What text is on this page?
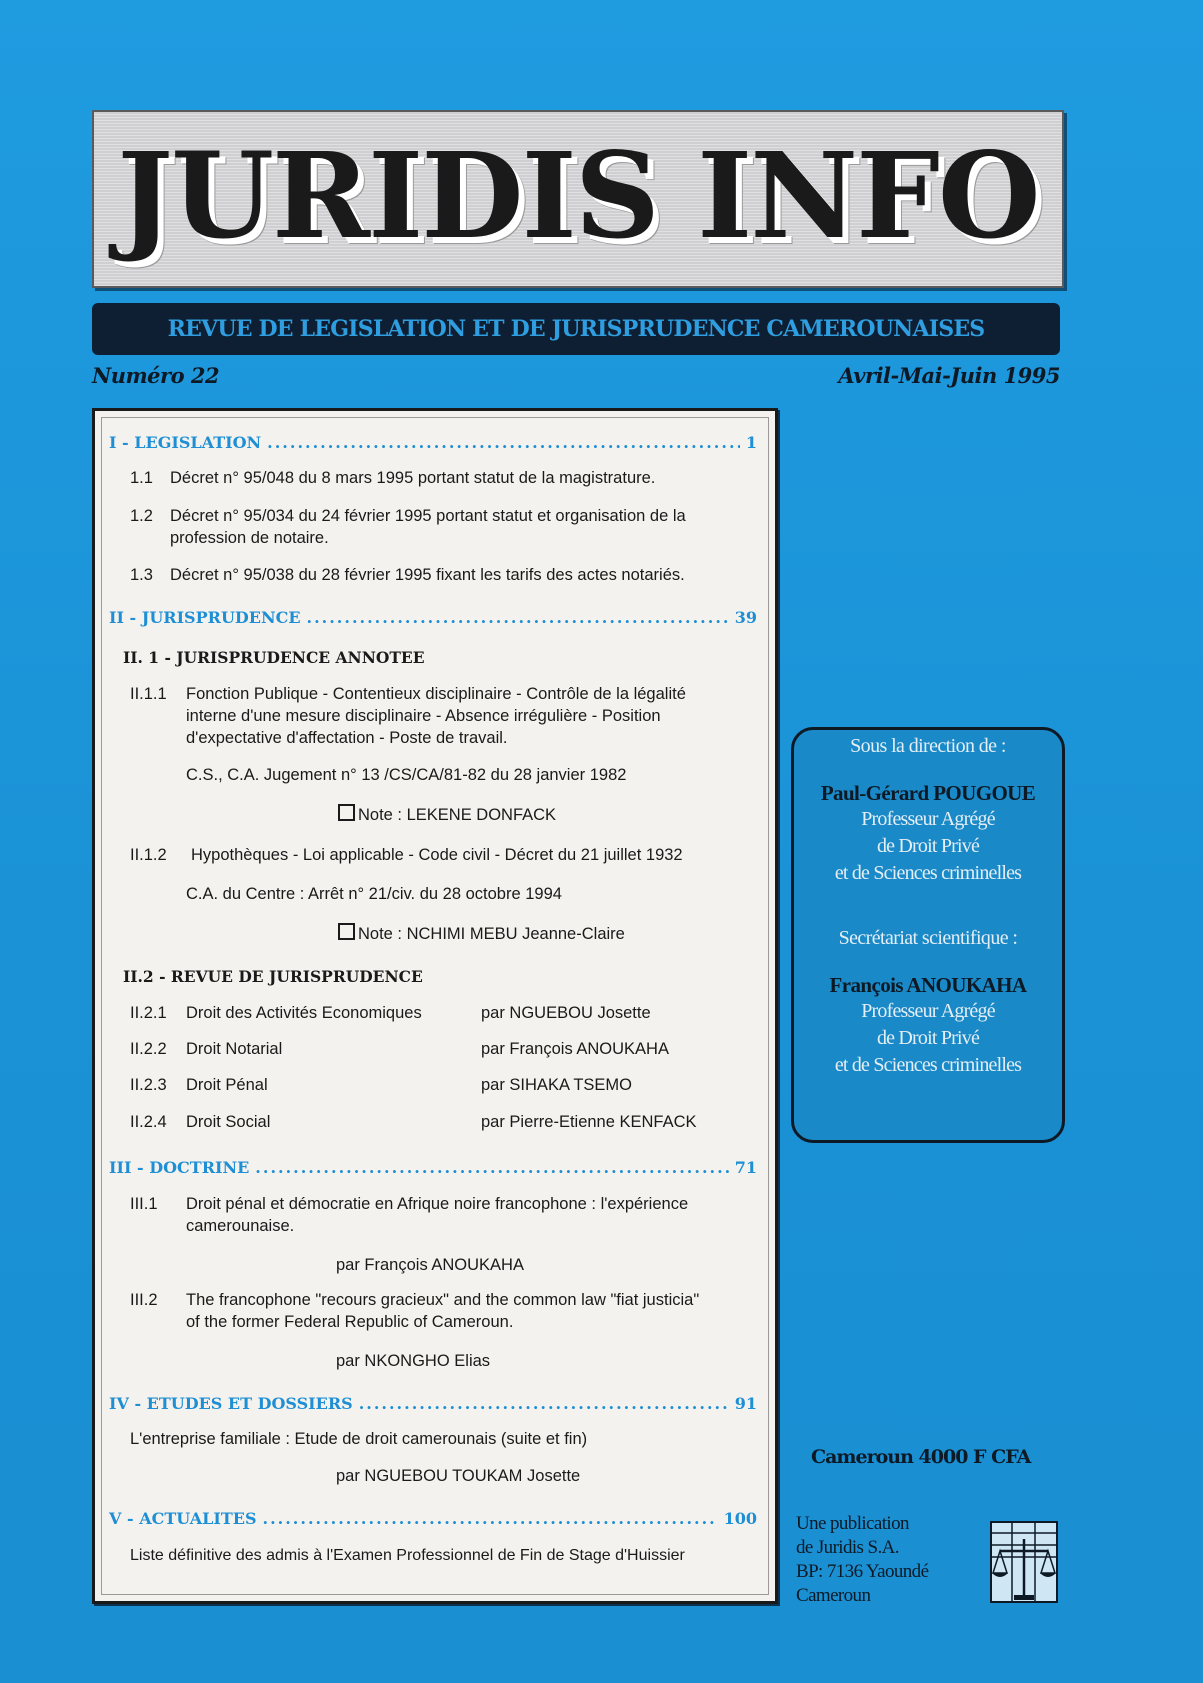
JURIDIS INFO
REVUE DE LEGISLATION ET DE JURISPRUDENCE CAMEROUNAISES
Numéro 22	Avril-Mai-Juin 1995
I - LEGISLATION .....	1
1.1 Décret n° 95/048 du 8 mars 1995 portant statut de la magistrature.
1.2 Décret n° 95/034 du 24 février 1995 portant statut et organisation de la
profession de notaire.
1.3 Décret n° 95/038 du 28 février 1995 fixant les tarifs des actes notariés.
II - JURISPRUDENCE .....	39
II. 1 - JURISPRUDENCE ANNOTEE
II.1.1 Fonction Publique - Contentieux disciplinaire - Contrôle de la légalité
interne d'une mesure disciplinaire - Absence irrégulière - Position
d'expectative d'affectation - Poste de travail.
C.S., C.A. Jugement n° 13 /CS/CA/81-82 du 28 janvier 1982
Note : LEKENE DONFACK
II.1.2 Hypothèques - Loi applicable - Code civil - Décret du 21 juillet 1932
C.A. du Centre : Arrêt n° 21/civ. du 28 octobre 1994
Note : NCHIMI MEBU Jeanne-Claire
II.2 - REVUE DE JURISPRUDENCE
II.2.1 Droit des Activités Economiques	par NGUEBOU Josette
II.2.2 Droit Notarial	par François ANOUKAHA
II.2.3 Droit Pénal	par SIHAKA TSEMO
II.2.4 Droit Social	par Pierre-Etienne KENFACK
III - DOCTRINE .....	71
III.1 Droit pénal et démocratie en Afrique noire francophone : l'expérience
camerounaise.
par François ANOUKAHA
III.2 The francophone "recours gracieux" and the common law "fiat justicia"
of the former Federal Republic of Cameroun.
par NKONGHO Elias
IV - ETUDES ET DOSSIERS .....	91
L'entreprise familiale : Etude de droit camerounais (suite et fin)
par NGUEBOU TOUKAM Josette
V - ACTUALITES .....	100
Liste définitive des admis à l'Examen Professionnel de Fin de Stage d'Huissier
Sous la direction de :
Paul-Gérard POUGOUE
Professeur Agrégé
de Droit Privé
et de Sciences criminelles
Secrétariat scientifique :
François ANOUKAHA
Professeur Agrégé
de Droit Privé
et de Sciences criminelles
Cameroun 4000 F CFA
Une publication
de Juridis S.A.
BP: 7136 Yaoundé
Cameroun
